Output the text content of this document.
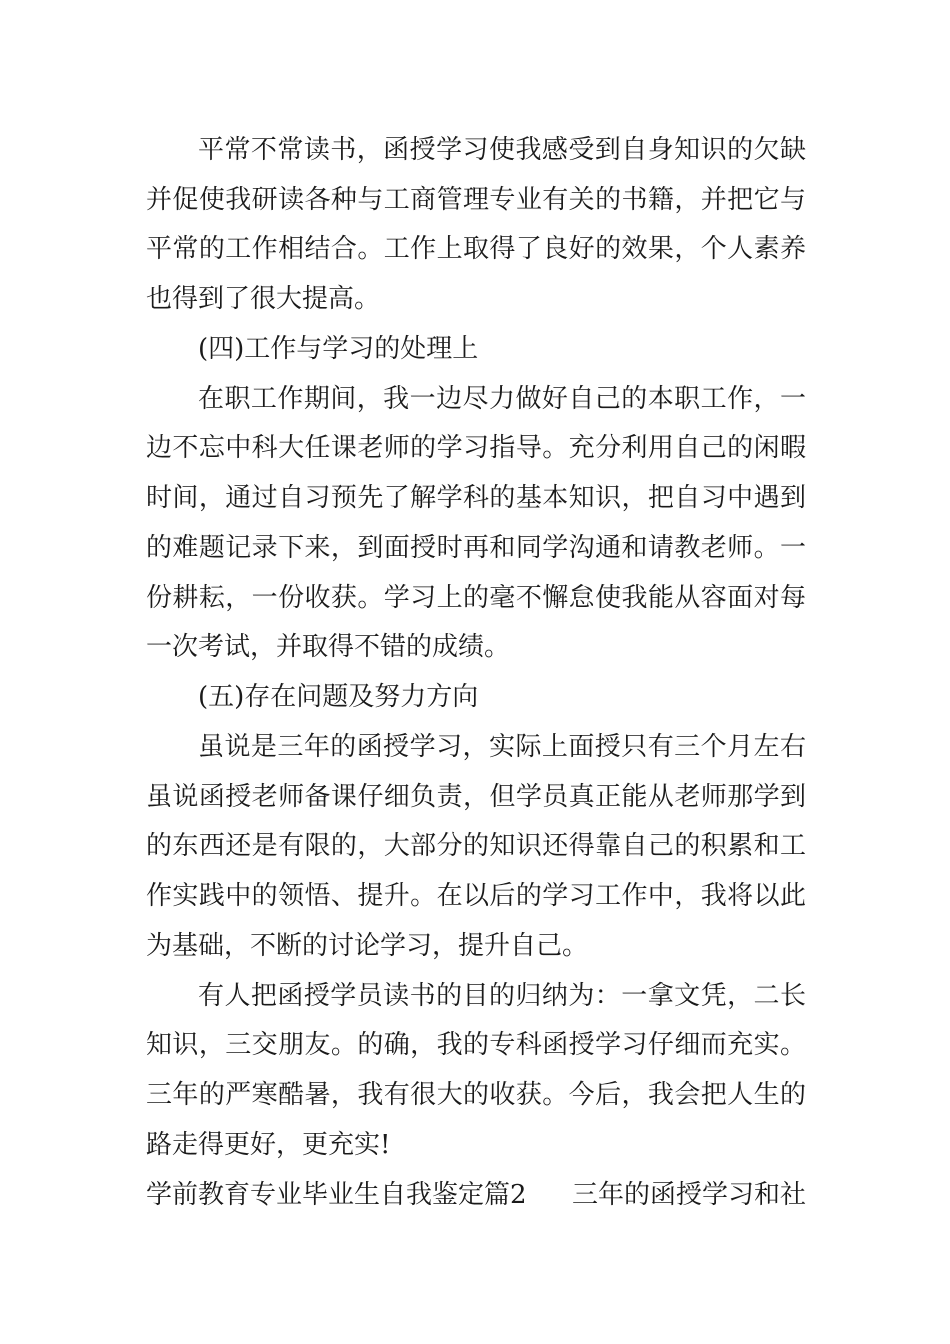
平常不常读书，函授学习使我感受到自身知识的欠缺
并促使我研读各种与工商管理专业有关的书籍，并把它与
平常的工作相结合。工作上取得了良好的效果，个人素养
也得到了很大提高。
(四)工作与学习的处理上
在职工作期间，我一边尽力做好自己的本职工作，一
边不忘中科大任课老师的学习指导。充分利用自己的闲暇
时间，通过自习预先了解学科的基本知识，把自习中遇到
的难题记录下来，到面授时再和同学沟通和请教老师。一
份耕耘，一份收获。学习上的毫不懈怠使我能从容面对每
一次考试，并取得不错的成绩。
(五)存在问题及努力方向
虽说是三年的函授学习，实际上面授只有三个月左右
虽说函授老师备课仔细负责，但学员真正能从老师那学到
的东西还是有限的，大部分的知识还得靠自己的积累和工
作实践中的领悟、提升。在以后的学习工作中，我将以此
为基础，不断的讨论学习，提升自己。
有人把函授学员读书的目的归纳为：一拿文凭，二长
知识，三交朋友。的确，我的专科函授学习仔细而充实。
三年的严寒酷暑，我有很大的收获。今后，我会把人生的
路走得更好，更充实!
学前教育专业毕业生自我鉴定篇2 三年的函授学习和社
